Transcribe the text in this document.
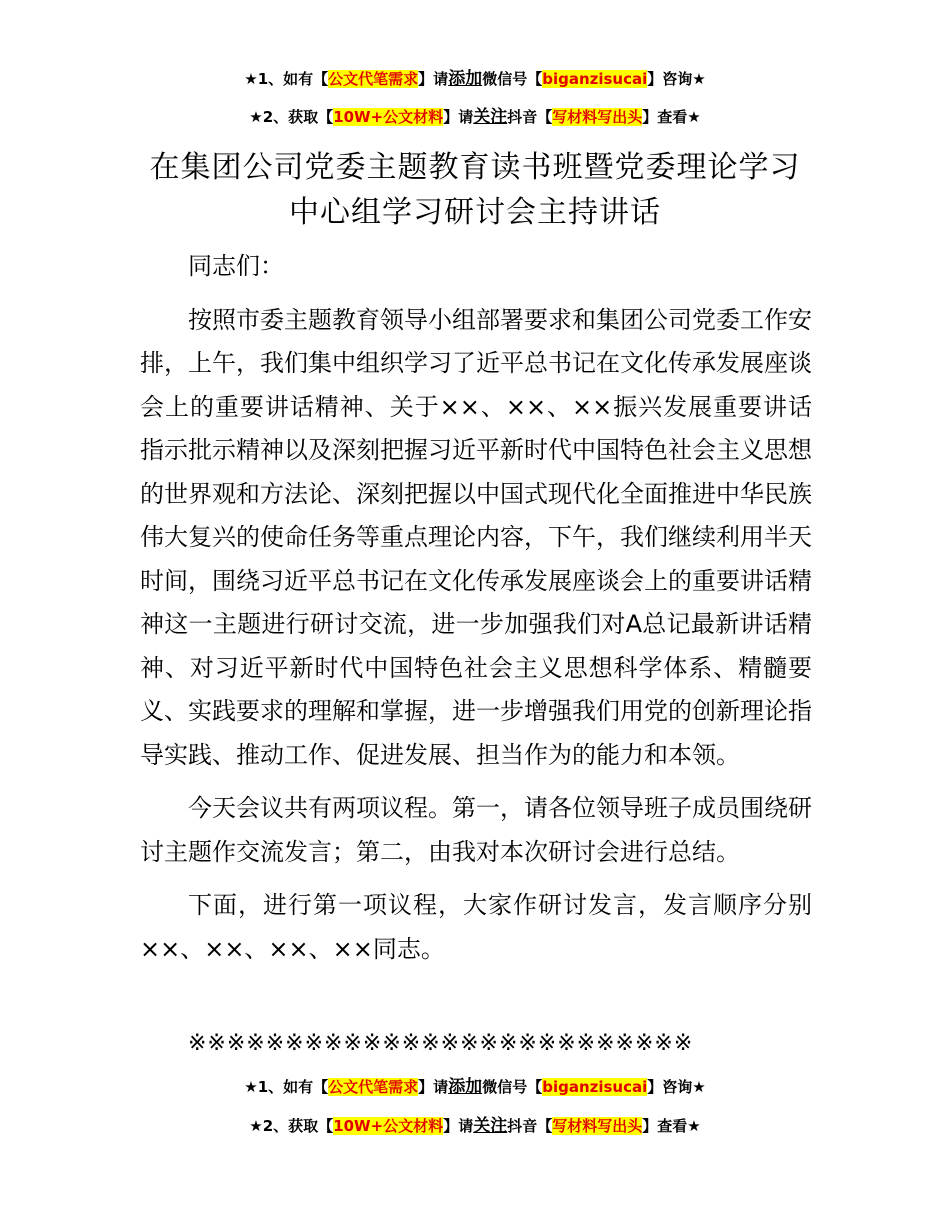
★1、如有【公文代笔需求】请添加微信号【biganzisucai】咨询★
★2、获取【10W+公文材料】请关注抖音【写材料写出头】查看★
在集团公司党委主题教育读书班暨党委理论学习中心组学习研讨会主持讲话

同志们：

按照市委主题教育领导小组部署要求和集团公司党委工作安排，上午，我们集中组织学习了近平总书记在文化传承发展座谈会上的重要讲话精神、关于××、××、××振兴发展重要讲话指示批示精神以及深刻把握习近平新时代中国特色社会主义思想的世界观和方法论、深刻把握以中国式现代化全面推进中华民族伟大复兴的使命任务等重点理论内容，下午，我们继续利用半天时间，围绕习近平总书记在文化传承发展座谈会上的重要讲话精神这一主题进行研讨交流，进一步加强我们对A总记最新讲话精神、对习近平新时代中国特色社会主义思想科学体系、精髓要义、实践要求的理解和掌握，进一步增强我们用党的创新理论指导实践、推动工作、促进发展、担当作为的能力和本领。

今天会议共有两项议程。第一，请各位领导班子成员围绕研讨主题作交流发言；第二，由我对本次研讨会进行总结。

下面，进行第一项议程，大家作研讨发言，发言顺序分别××、××、××、××同志。

※※※※※※※※※※※※※※※※※※※※※※※※※※
★1、如有【公文代笔需求】请添加微信号【biganzisucai】咨询★
★2、获取【10W+公文材料】请关注抖音【写材料写出头】查看★
